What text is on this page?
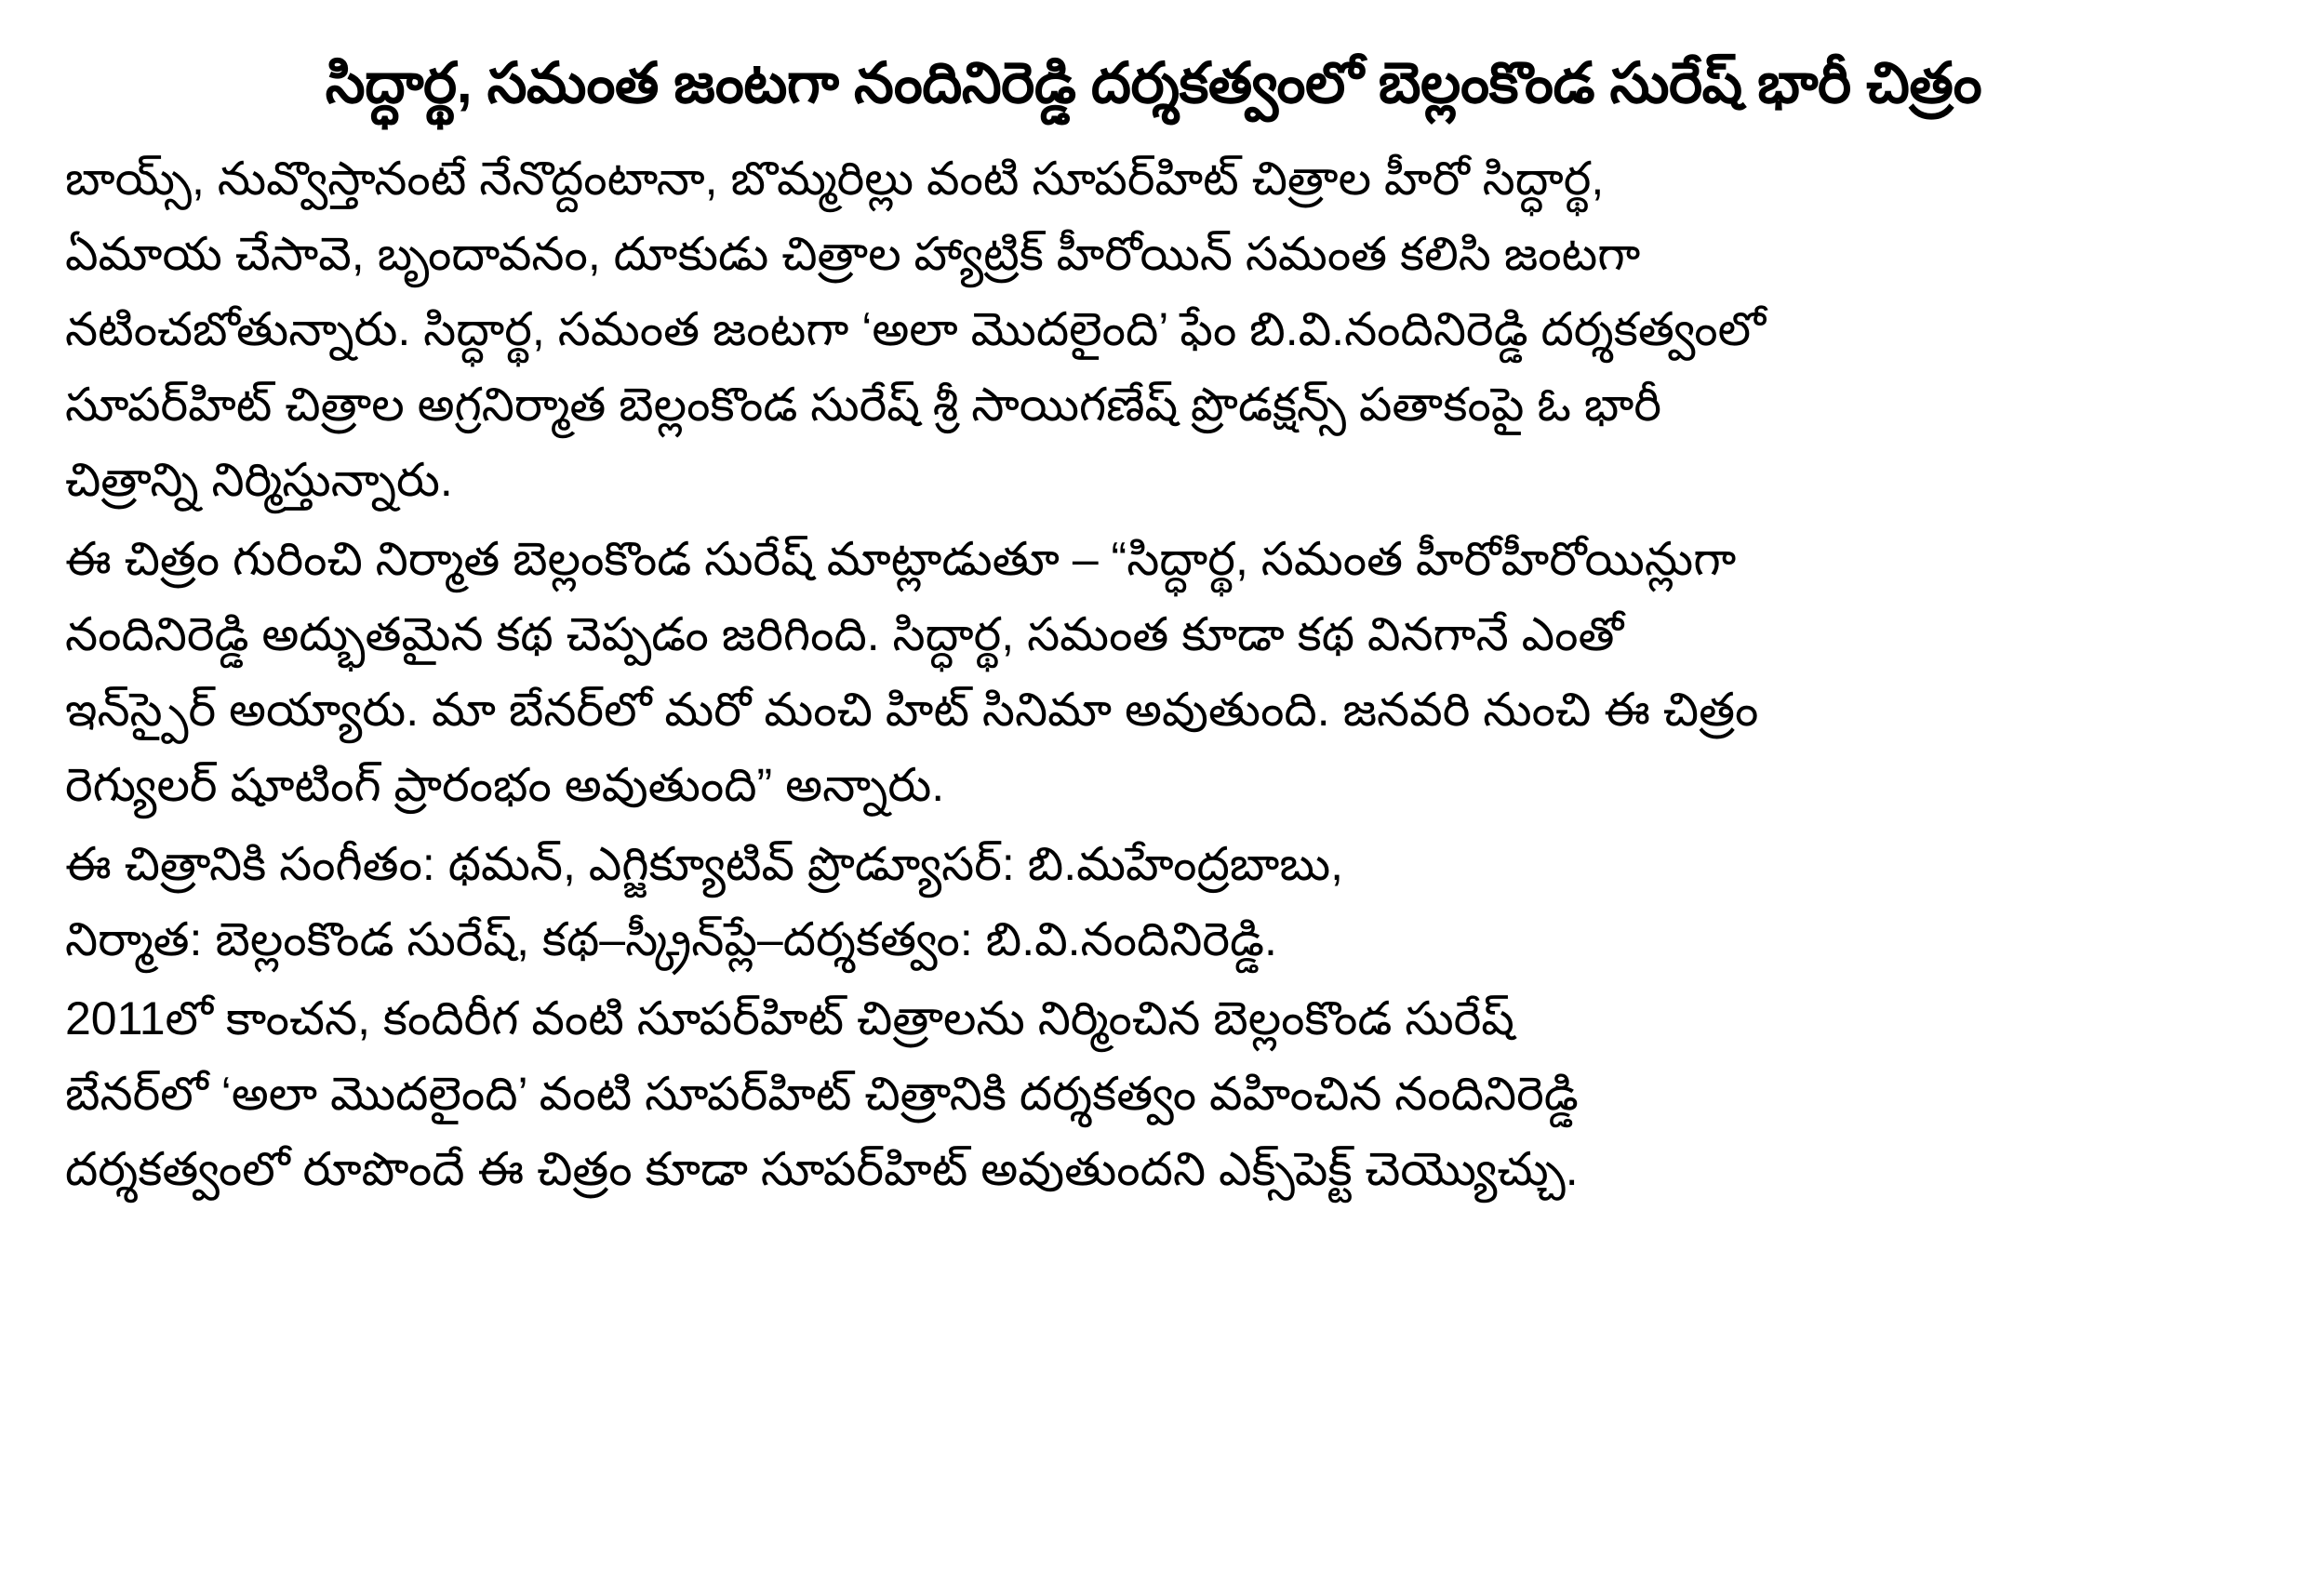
సిద్ధార్థ, సమంత జంటగా నందినిరెడ్డి దర్శకత్వంలో బెల్లంకొండ సురేష్ భారీ చిత్రం
బాయ్స్, నువ్వొస్తానంటే నేనొద్దంటానా, బొమ్మరిల్లు వంటి సూపర్‌హిట్ చిత్రాల హీరో సిద్ధార్థ,
ఏమాయ చేసావె, బృందావనం, దూకుడు చిత్రాల హ్యాట్రిక్ హీరోయిన్ సమంత కలిసి జంటగా
నటించబోతున్నారు. సిద్ధార్థ, సమంత జంటగా ‘అలా మొదలైంది’ ఫేం బి.వి.నందినిరెడ్డి దర్శకత్వంలో
సూపర్‌హిట్ చిత్రాల అగ్రనిర్మాత బెల్లంకొండ సురేష్ శ్రీ సాయిగణేష్ ప్రొడక్షన్స్ పతాకంపై ఓ భారీ
చిత్రాన్ని నిర్మిస్తున్నారు.
ఈ చిత్రం గురించి నిర్మాత బెల్లంకొండ సురేష్ మాట్లాడుతూ – “సిద్ధార్థ, సమంత హీరోహీరోయిన్లుగా
నందినిరెడ్డి అద్భుతమైన కథ చెప్పడం జరిగింది. సిద్ధార్థ, సమంత కూడా కథ వినగానే ఎంతో
ఇన్‌స్పైర్ అయ్యారు. మా బేనర్‌లో మరో మంచి హిట్ సినిమా అవుతుంది. జనవరి నుంచి ఈ చిత్రం
రెగ్యులర్ షూటింగ్ ప్రారంభం అవుతుంది” అన్నారు.
ఈ చిత్రానికి సంగీతం: థమన్, ఎగ్జిక్యూటివ్ ప్రొడ్యూసర్: బి.మహేంద్రబాబు,
నిర్మాత: బెల్లంకొండ సురేష్, కథ–స్క్రీన్‌ప్లే–దర్శకత్వం: బి.వి.నందినిరెడ్డి.
2011లో కాంచన, కందిరీగ వంటి సూపర్‌హిట్ చిత్రాలను నిర్మించిన బెల్లంకొండ సురేష్
బేనర్‌లో ‘అలా మొదలైంది’ వంటి సూపర్‌హిట్ చిత్రానికి దర్శకత్వం వహించిన నందినిరెడ్డి
దర్శకత్వంలో రూపొందే ఈ చిత్రం కూడా సూపర్‌హిట్ అవుతుందని ఎక్స్‌పెక్ట్ చెయ్యొచ్చు.
